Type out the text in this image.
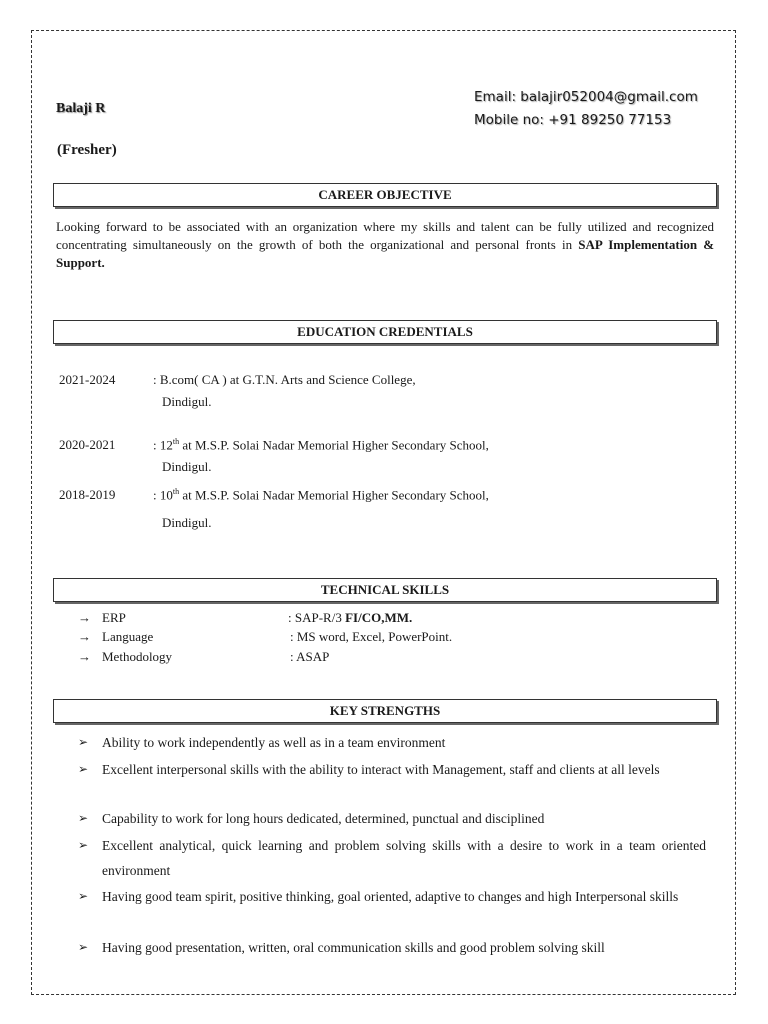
Balaji R
(Fresher)
Email: balajir052004@gmail.com
Mobile no: +91 89250 77153
CAREER OBJECTIVE
Looking forward to be associated with an organization where my skills and talent can be fully utilized and recognized concentrating simultaneously on the growth of both the organizational and personal fronts in SAP Implementation & Support.
EDUCATION CREDENTIALS
2021-2024	: B.com( CA ) at G.T.N. Arts and Science College,
Dindigul.
2020-2021	: 12th at M.S.P. Solai Nadar Memorial Higher Secondary School,
Dindigul.
2018-2019	: 10th at M.S.P. Solai Nadar Memorial Higher Secondary School,
Dindigul.
TECHNICAL SKILLS
→ ERP	: SAP-R/3 FI/CO,MM.
→ Language	: MS word, Excel, PowerPoint.
→ Methodology	: ASAP
KEY STRENGTHS
➢ Ability to work independently as well as in a team environment
➢ Excellent interpersonal skills with the ability to interact with Management, staff and clients at all levels
➢ Capability to work for long hours dedicated, determined, punctual and disciplined
➢ Excellent analytical, quick learning and problem solving skills with a desire to work in a team oriented environment
➢ Having good team spirit, positive thinking, goal oriented, adaptive to changes and high Interpersonal skills
➢ Having good presentation, written, oral communication skills and good problem solving skill
